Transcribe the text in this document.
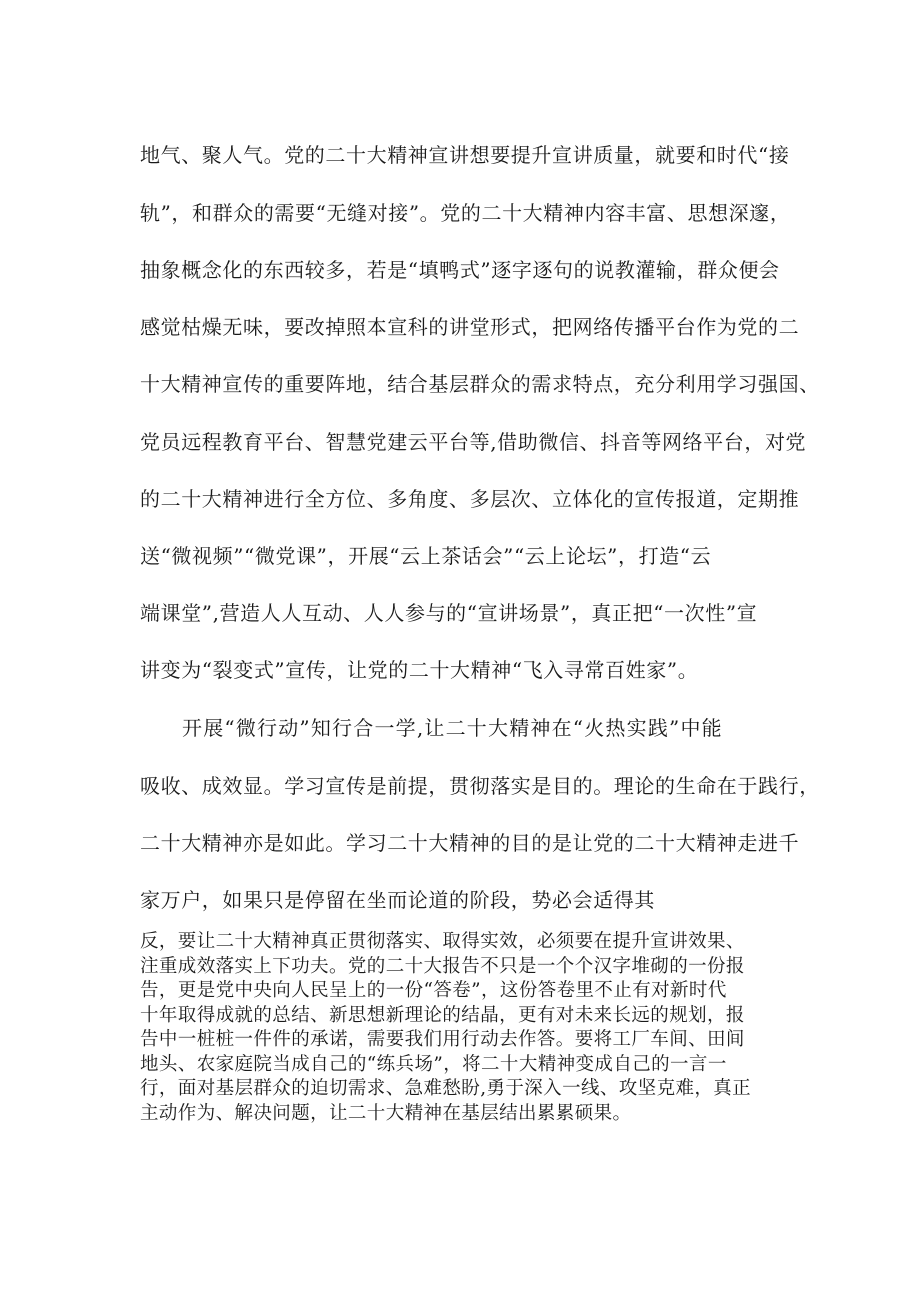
地气、聚人气。党的二十大精神宣讲想要提升宣讲质量，就要和时代“接
轨”，和群众的需要“无缝对接”。党的二十大精神内容丰富、思想深邃，
抽象概念化的东西较多，若是“填鸭式”逐字逐句的说教灌输，群众便会
感觉枯燥无味，要改掉照本宣科的讲堂形式，把网络传播平台作为党的二
十大精神宣传的重要阵地，结合基层群众的需求特点，充分利用学习强国、
党员远程教育平台、智慧党建云平台等,借助微信、抖音等网络平台，对党
的二十大精神进行全方位、多角度、多层次、立体化的宣传报道，定期推
送“微视频”“微党课”，开展“云上茶话会”“云上论坛”，打造“云
端课堂”,营造人人互动、人人参与的“宣讲场景”，真正把“一次性”宣
讲变为“裂变式”宣传，让党的二十大精神“飞入寻常百姓家”。
开展“微行动”知行合一学,让二十大精神在“火热实践”中能
吸收、成效显。学习宣传是前提，贯彻落实是目的。理论的生命在于践行，
二十大精神亦是如此。学习二十大精神的目的是让党的二十大精神走进千
家万户，如果只是停留在坐而论道的阶段，势必会适得其
反，要让二十大精神真正贯彻落实、取得实效，必须要在提升宣讲效果、
注重成效落实上下功夫。党的二十大报告不只是一个个汉字堆砌的一份报
告，更是党中央向人民呈上的一份“答卷”，这份答卷里不止有对新时代
十年取得成就的总结、新思想新理论的结晶，更有对未来长远的规划，报
告中一桩桩一件件的承诺，需要我们用行动去作答。要将工厂车间、田间
地头、农家庭院当成自己的“练兵场”，将二十大精神变成自己的一言一
行，面对基层群众的迫切需求、急难愁盼,勇于深入一线、攻坚克难，真正
主动作为、解决问题，让二十大精神在基层结出累累硕果。
